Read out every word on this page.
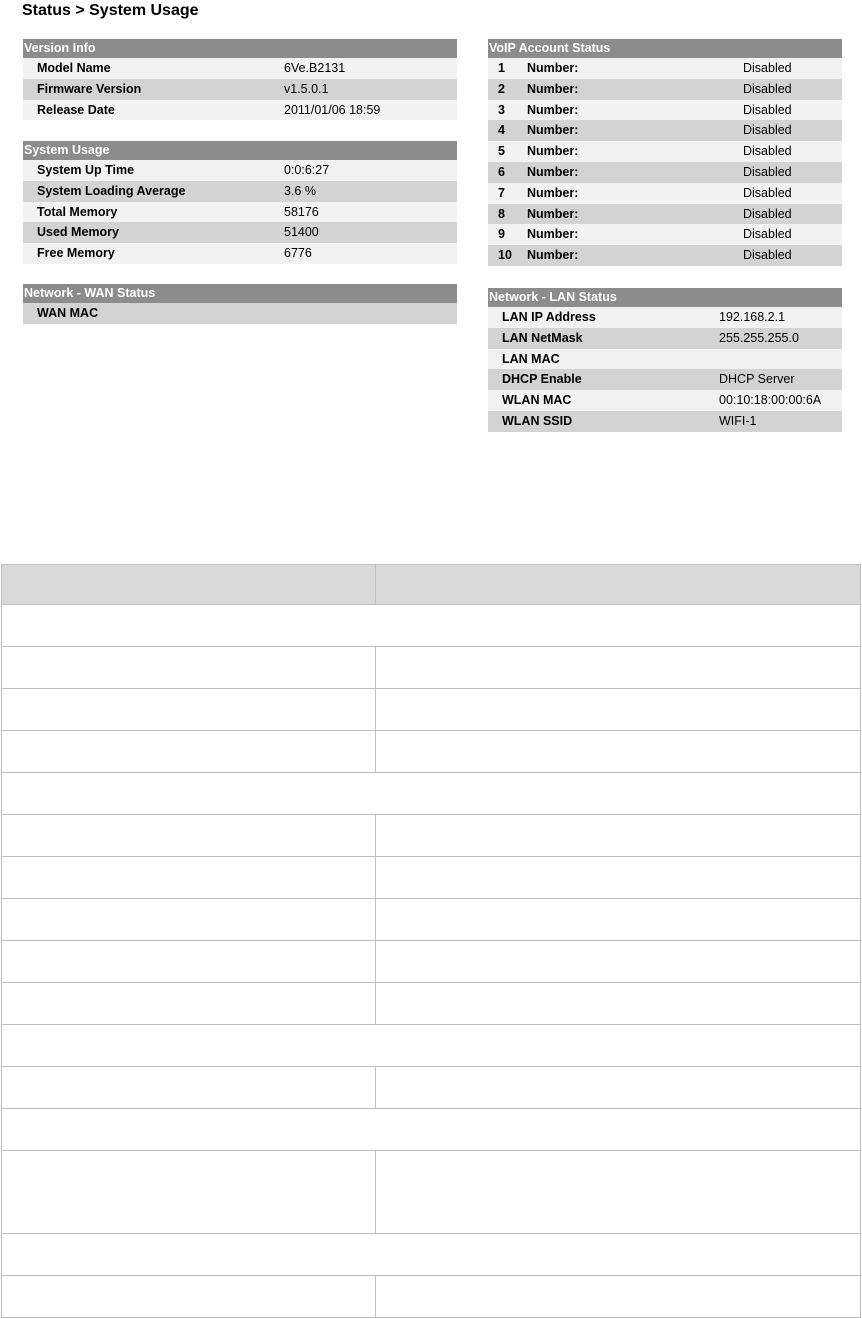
Status > System Usage
Version Info
Model Name	6Ve.B2131
Firmware Version	v1.5.0.1
Release Date	2011/01/06 18:59
System Usage
System Up Time	0:0:6:27
System Loading Average	3.6 %
Total Memory	58176
Used Memory	51400
Free Memory	6776
Network - WAN Status
WAN MAC
VoIP Account Status
1	Number:	Disabled
2	Number:	Disabled
3	Number:	Disabled
4	Number:	Disabled
5	Number:	Disabled
6	Number:	Disabled
7	Number:	Disabled
8	Number:	Disabled
9	Number:	Disabled
10	Number:	Disabled
Network - LAN Status
LAN IP Address	192.168.2.1
LAN NetMask	255.255.255.0
LAN MAC
DHCP Enable	DHCP Server
WLAN MAC	00:10:18:00:00:6A
WLAN SSID	WIFI-1
